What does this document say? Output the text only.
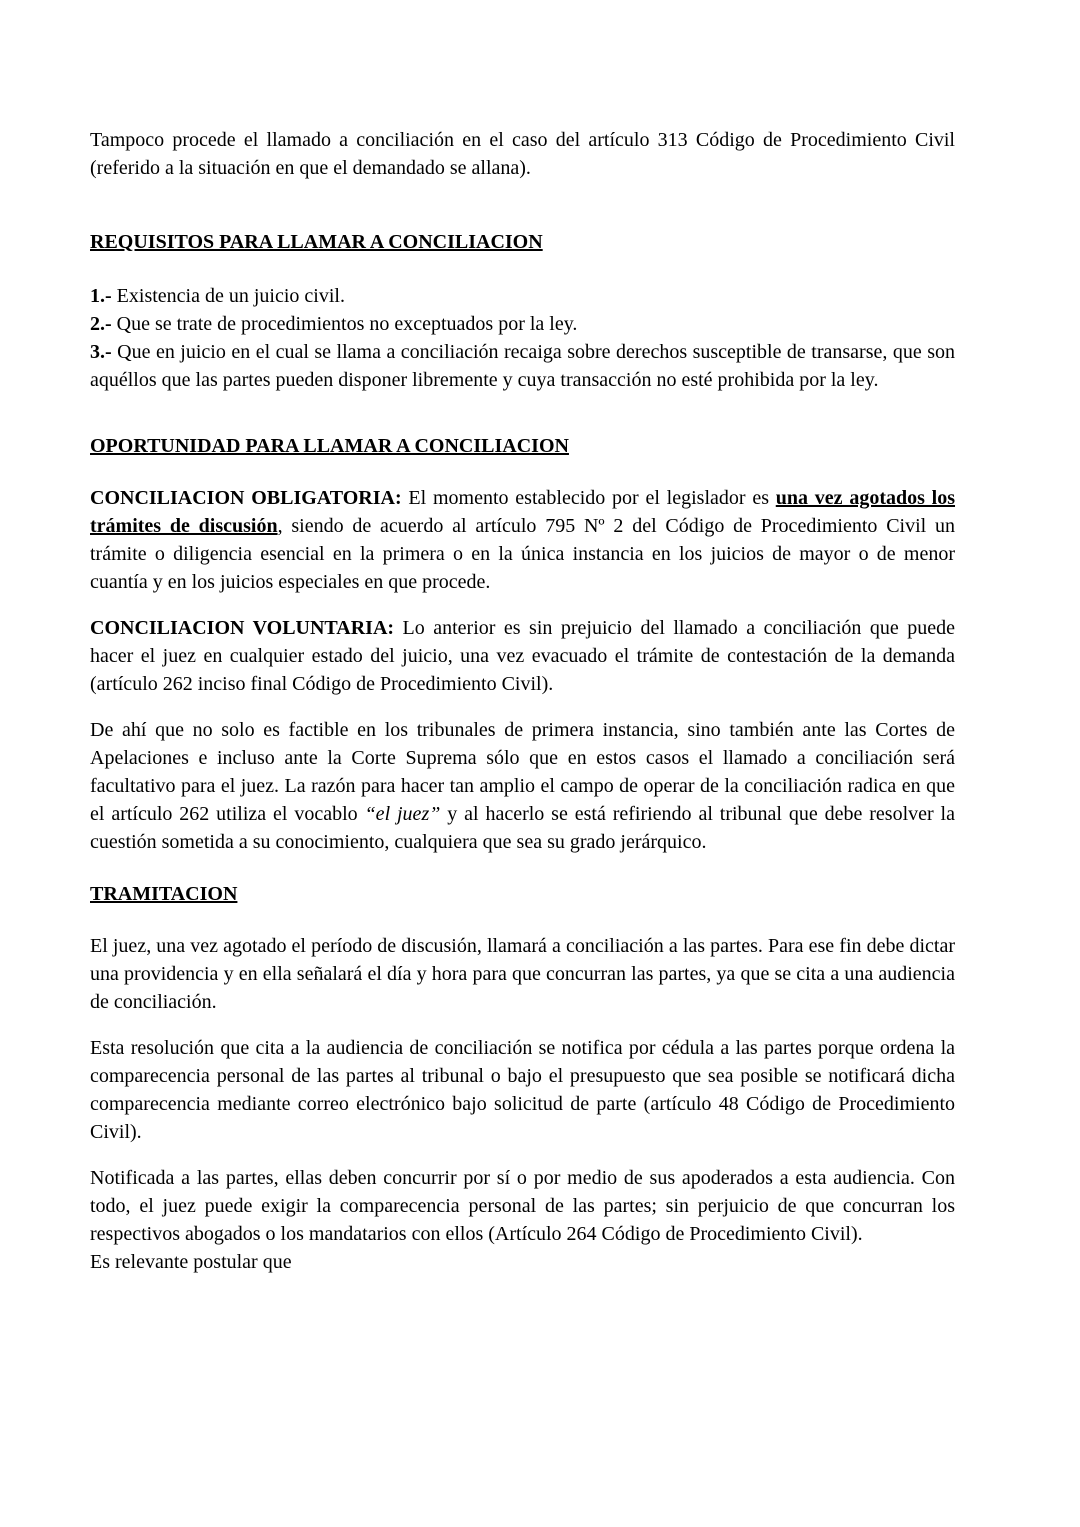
Tampoco procede el llamado a conciliación en el caso del artículo 313 Código de Procedimiento Civil (referido a la situación en que el demandado se allana).

REQUISITOS PARA LLAMAR A CONCILIACION
1.- Existencia de un juicio civil.
2.- Que se trate de procedimientos no exceptuados por la ley.
3.- Que en juicio en el cual se llama a conciliación recaiga sobre derechos susceptible de transarse, que son aquéllos que las partes pueden disponer libremente y cuya transacción no esté prohibida por la ley.
OPORTUNIDAD PARA LLAMAR A CONCILIACION

CONCILIACION OBLIGATORIA: El momento establecido por el legislador es una vez agotados los trámites de discusión, siendo de acuerdo al artículo 795 Nº 2 del Código de Procedimiento Civil un trámite o diligencia esencial en la primera o en la única instancia en los juicios de mayor o de menor cuantía y en los juicios especiales en que procede.

CONCILIACION VOLUNTARIA: Lo anterior es sin prejuicio del llamado a conciliación que puede hacer el juez en cualquier estado del juicio, una vez evacuado el trámite de contestación de la demanda (artículo 262 inciso final Código de Procedimiento Civil).

De ahí que no solo es factible en los tribunales de primera instancia, sino también ante las Cortes de Apelaciones e incluso ante la Corte Suprema sólo que en estos casos el llamado a conciliación será facultativo para el juez. La razón para hacer tan amplio el campo de operar de la conciliación radica en que el artículo 262 utiliza el vocablo “el juez” y al hacerlo se está refiriendo al tribunal que debe resolver la cuestión sometida a su conocimiento, cualquiera que sea su grado jerárquico.

TRAMITACION

El juez, una vez agotado el período de discusión, llamará a conciliación a las partes. Para ese fin debe dictar una providencia y en ella señalará el día y hora para que concurran las partes, ya que se cita a una audiencia de conciliación.

Esta resolución que cita a la audiencia de conciliación se notifica por cédula a las partes porque ordena la comparecencia personal de las partes al tribunal o bajo el presupuesto que sea posible se notificará dicha comparecencia mediante correo electrónico bajo solicitud de parte (artículo 48 Código de Procedimiento Civil).

Notificada a las partes, ellas deben concurrir por sí o por medio de sus apoderados a esta audiencia. Con todo, el juez puede exigir la comparecencia personal de las partes; sin perjuicio de que concurran los respectivos abogados o los mandatarios con ellos (Artículo 264 Código de Procedimiento Civil).
Es relevante postular que
